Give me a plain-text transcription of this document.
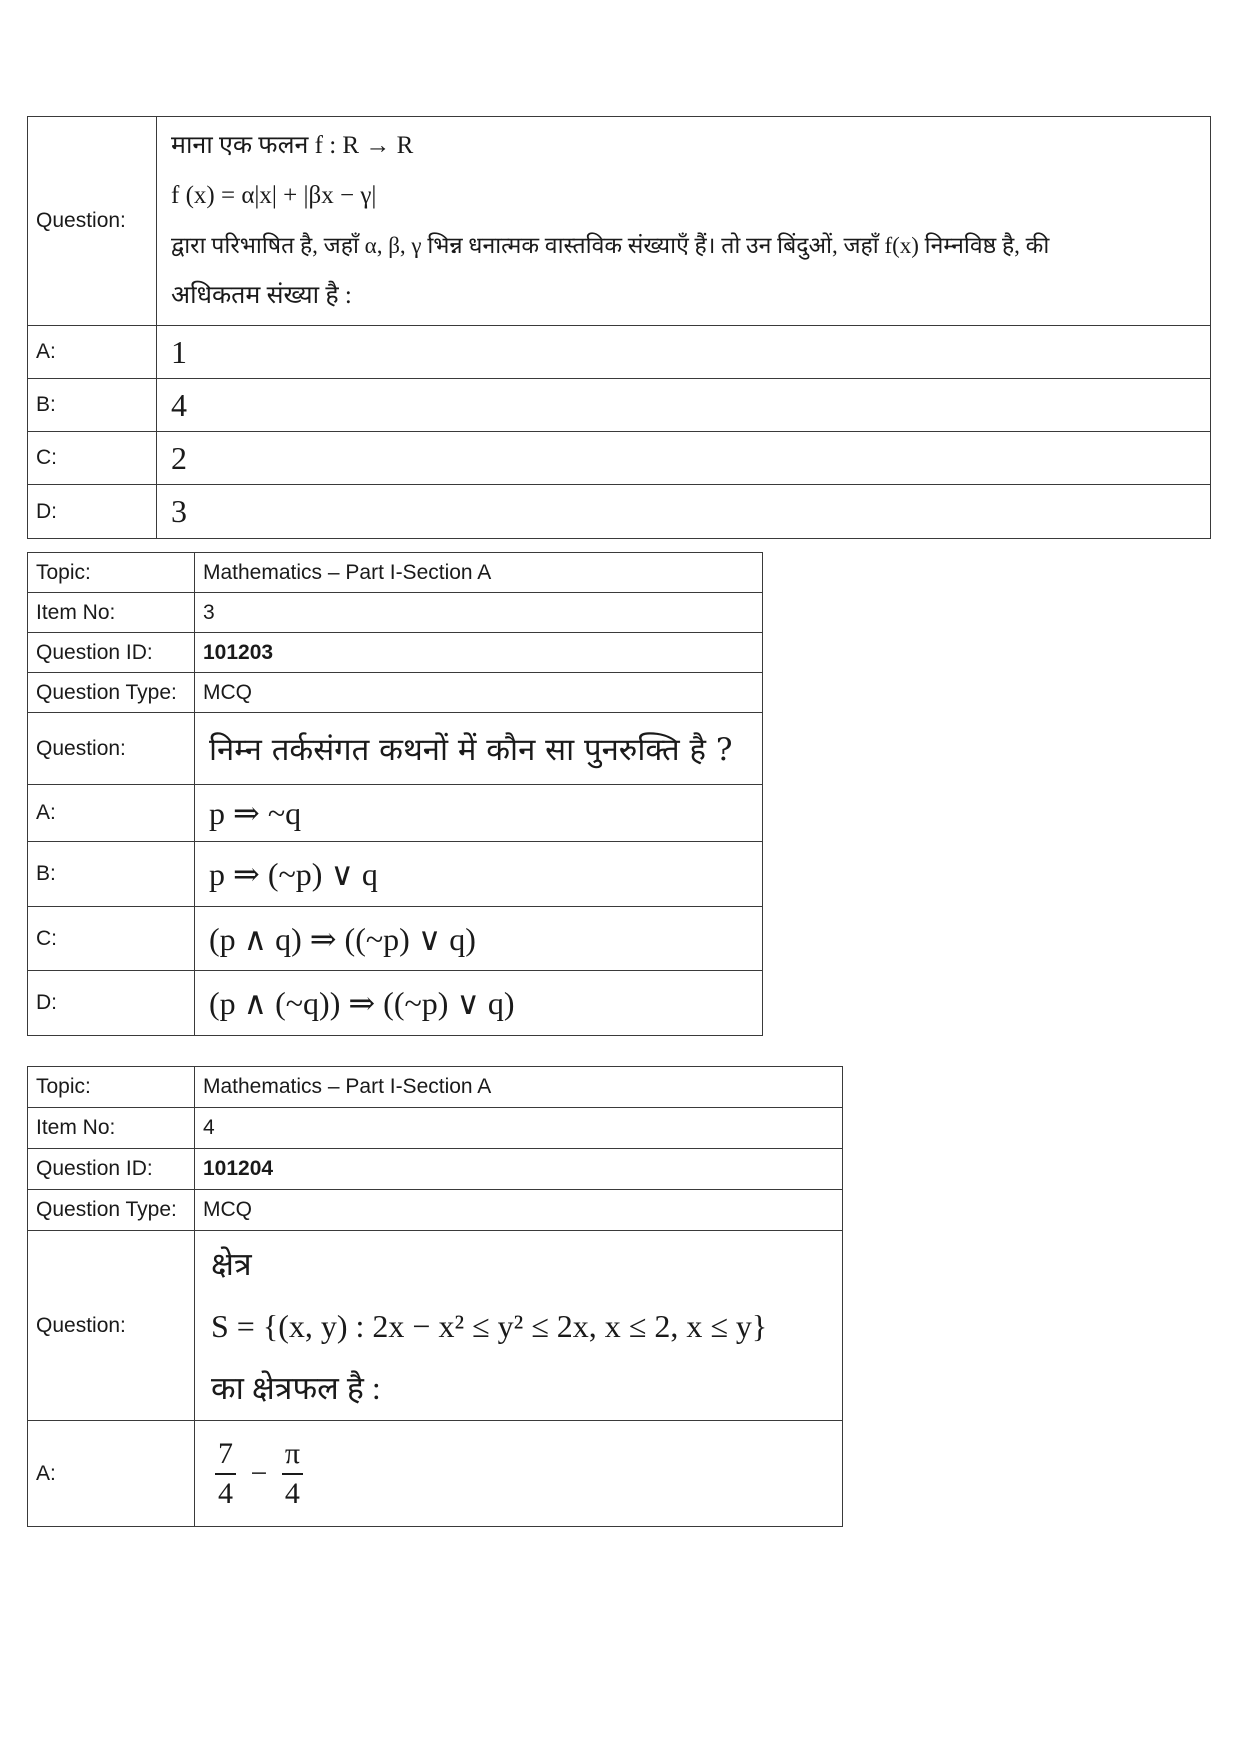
Question:	माना एक फलन f : R → R
f (x) = α|x| + |βx − γ|
द्वारा परिभाषित है, जहाँ α, β, γ भिन्न धनात्मक वास्तविक संख्याएँ हैं। तो उन बिंदुओं, जहाँ f(x) निम्नविष्ठ है, की
अधिकतम संख्या है :

A:	1
B:	4
C:	2
D:	3
Topic:	Mathematics – Part I-Section A
Item No:	3
Question ID:	101203
Question Type:	MCQ
Question:	निम्न तर्कसंगत कथनों में कौन सा पुनरुक्ति है ?
A:	p ⇒ ~q
B:	p ⇒ (~p) ∨ q
C:	(p ∧ q) ⇒ ((~p) ∨ q)
D:	(p ∧ (~q)) ⇒ ((~p) ∨ q)
Topic:	Mathematics – Part I-Section A
Item No:	4
Question ID:	101204
Question Type:	MCQ
Question:	क्षेत्र
S = {(x, y) : 2x − x² ≤ y² ≤ 2x, x ≤ 2, x ≤ y}
का क्षेत्रफल है :

A:	$\frac{7}{4} - \frac{\pi}{4}$
